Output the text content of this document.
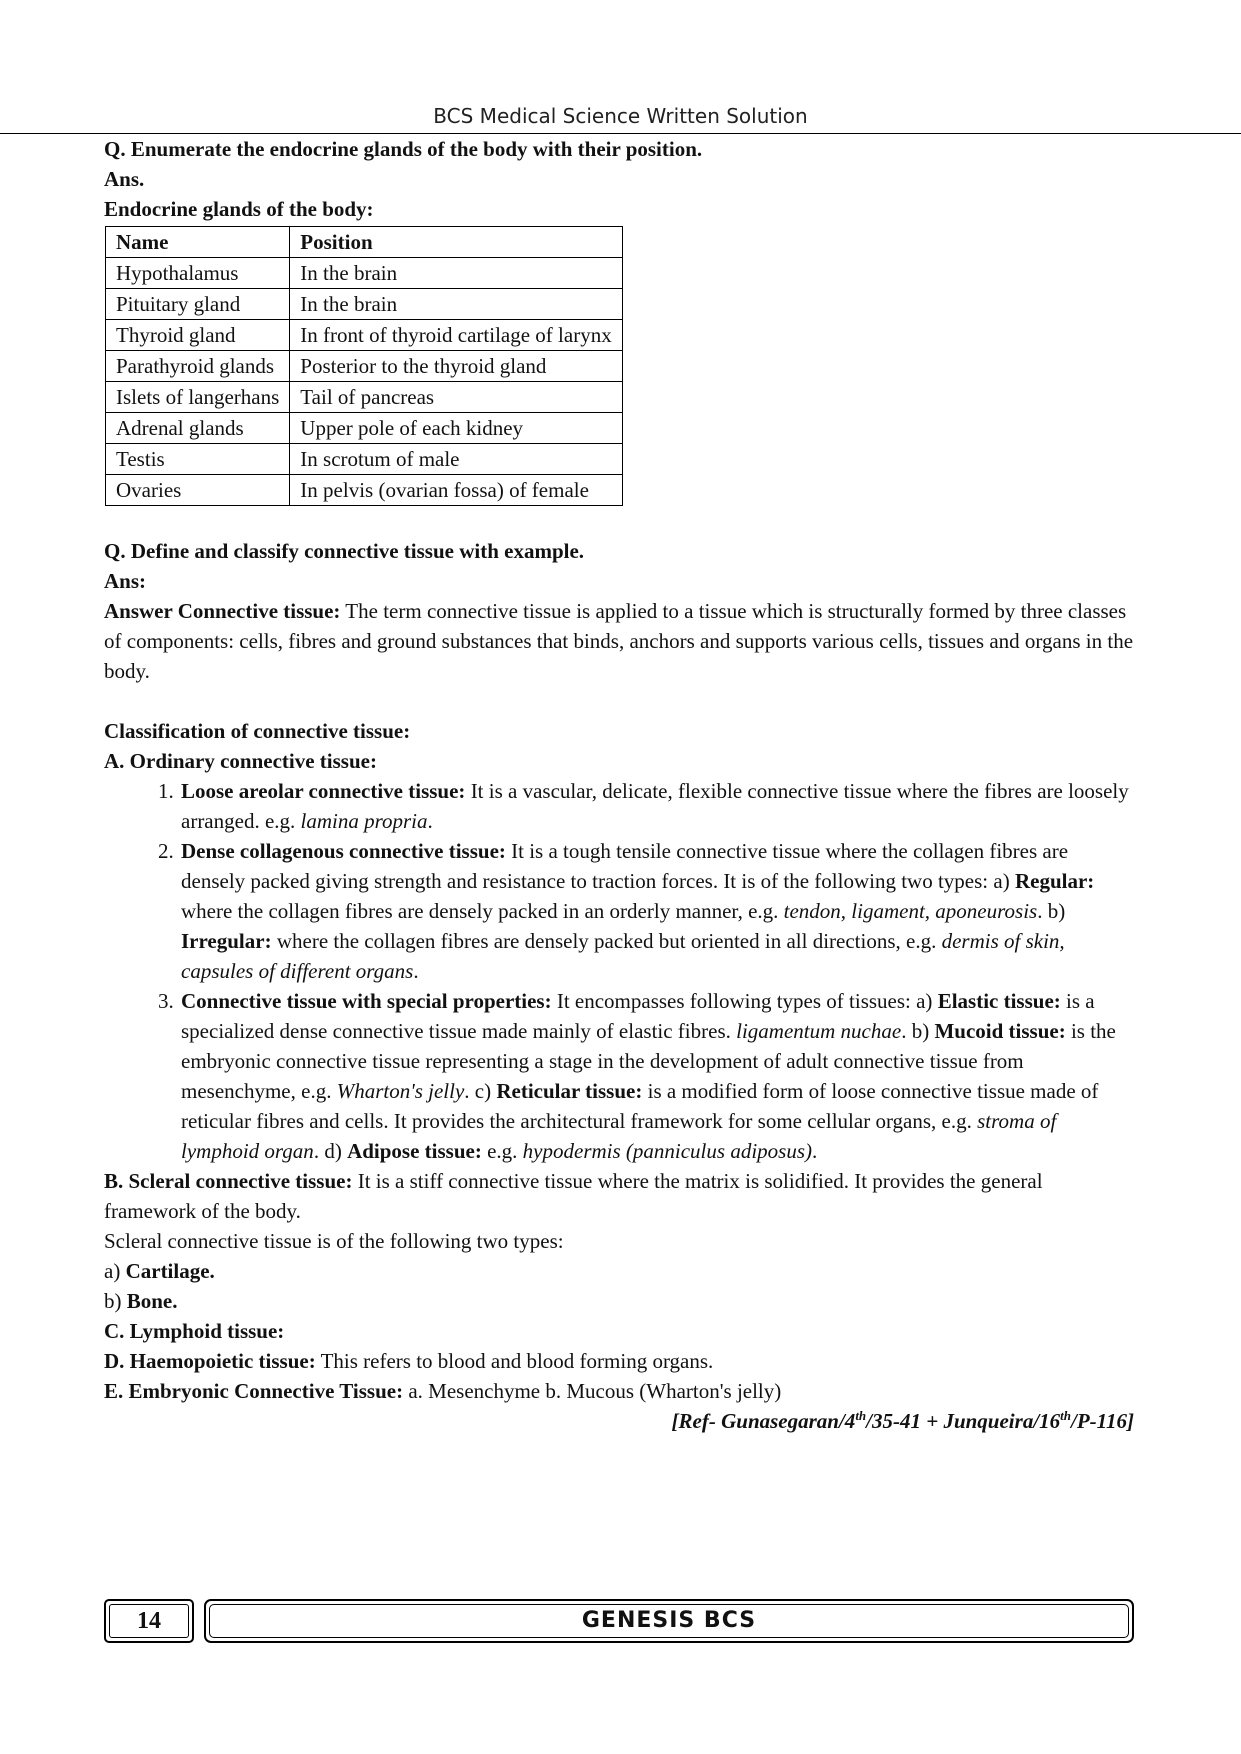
BCS Medical Science Written Solution

Q. Enumerate the endocrine glands of the body with their position.

Ans.

Endocrine glands of the body:

Name	Position
Hypothalamus	In the brain
Pituitary gland	In the brain
Thyroid gland	In front of thyroid cartilage of larynx
Parathyroid glands	Posterior to the thyroid gland
Islets of langerhans	Tail of pancreas
Adrenal glands	Upper pole of each kidney
Testis	In scrotum of male
Ovaries	In pelvis (ovarian fossa) of female

Q. Define and classify connective tissue with example.

Ans:

Answer Connective tissue: The term connective tissue is applied to a tissue which is structurally formed by three classes of components: cells, fibres and ground substances that binds, anchors and supports various cells, tissues and organs in the body.

Classification of connective tissue:

A. Ordinary connective tissue:

1. Loose areolar connective tissue: It is a vascular, delicate, flexible connective tissue where the fibres are loosely arranged. e.g. lamina propria.
2. Dense collagenous connective tissue: It is a tough tensile connective tissue where the collagen fibres are densely packed giving strength and resistance to traction forces. It is of the following two types: a) Regular: where the collagen fibres are densely packed in an orderly manner, e.g. tendon, ligament, aponeurosis. b) Irregular: where the collagen fibres are densely packed but oriented in all directions, e.g. dermis of skin, capsules of different organs.
3. Connective tissue with special properties: It encompasses following types of tissues: a) Elastic tissue: is a specialized dense connective tissue made mainly of elastic fibres. ligamentum nuchae. b) Mucoid tissue: is the embryonic connective tissue representing a stage in the development of adult connective tissue from mesenchyme, e.g. Wharton's jelly. c) Reticular tissue: is a modified form of loose connective tissue made of reticular fibres and cells. It provides the architectural framework for some cellular organs, e.g. stroma of lymphoid organ. d) Adipose tissue: e.g. hypodermis (panniculus adiposus).

B. Scleral connective tissue: It is a stiff connective tissue where the matrix is solidified. It provides the general framework of the body.

Scleral connective tissue is of the following two types:

a) Cartilage.

b) Bone.

C. Lymphoid tissue:

D. Haemopoietic tissue: This refers to blood and blood forming organs.

E. Embryonic Connective Tissue: a. Mesenchyme b. Mucous (Wharton's jelly)

[Ref- Gunasegaran/4th/35-41 + Junqueira/16th/P-116]

14	GENESIS BCS
